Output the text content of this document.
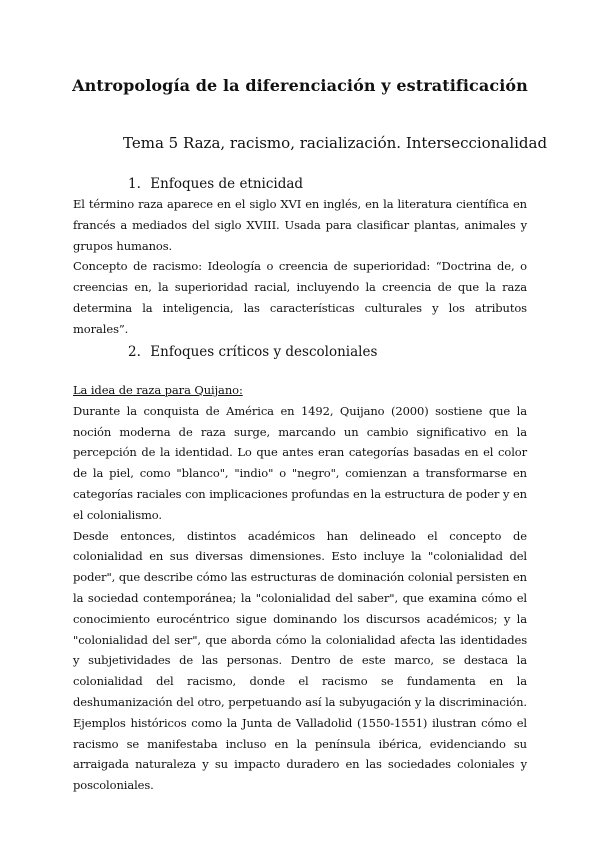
Antropología de la diferenciación y estratificación
Tema 5 Raza, racismo, racialización. Interseccionalidad
1. Enfoques de etnicidad

El término raza aparece en el siglo XVI en inglés, en la literatura científica en francés a mediados del siglo XVIII. Usada para clasificar plantas, animales y grupos humanos.

Concepto de racismo: Ideología o creencia de superioridad: “Doctrina de, o creencias en, la superioridad racial, incluyendo la creencia de que la raza determina la inteligencia, las características culturales y los atributos morales”.

2. Enfoques críticos y descoloniales

La idea de raza para Quijano:

Durante la conquista de América en 1492, Quijano (2000) sostiene que la noción moderna de raza surge, marcando un cambio significativo en la percepción de la identidad. Lo que antes eran categorías basadas en el color de la piel, como "blanco", "indio" o "negro", comienzan a transformarse en categorías raciales con implicaciones profundas en la estructura de poder y en el colonialismo.

Desde entonces, distintos académicos han delineado el concepto de colonialidad en sus diversas dimensiones. Esto incluye la "colonialidad del poder", que describe cómo las estructuras de dominación colonial persisten en la sociedad contemporánea; la "colonialidad del saber", que examina cómo el conocimiento eurocéntrico sigue dominando los discursos académicos; y la "colonialidad del ser", que aborda cómo la colonialidad afecta las identidades y subjetividades de las personas. Dentro de este marco, se destaca la colonialidad del racismo, donde el racismo se fundamenta en la deshumanización del otro, perpetuando así la subyugación y la discriminación. Ejemplos históricos como la Junta de Valladolid (1550-1551) ilustran cómo el racismo se manifestaba incluso en la península ibérica, evidenciando su arraigada naturaleza y su impacto duradero en las sociedades coloniales y poscoloniales.
